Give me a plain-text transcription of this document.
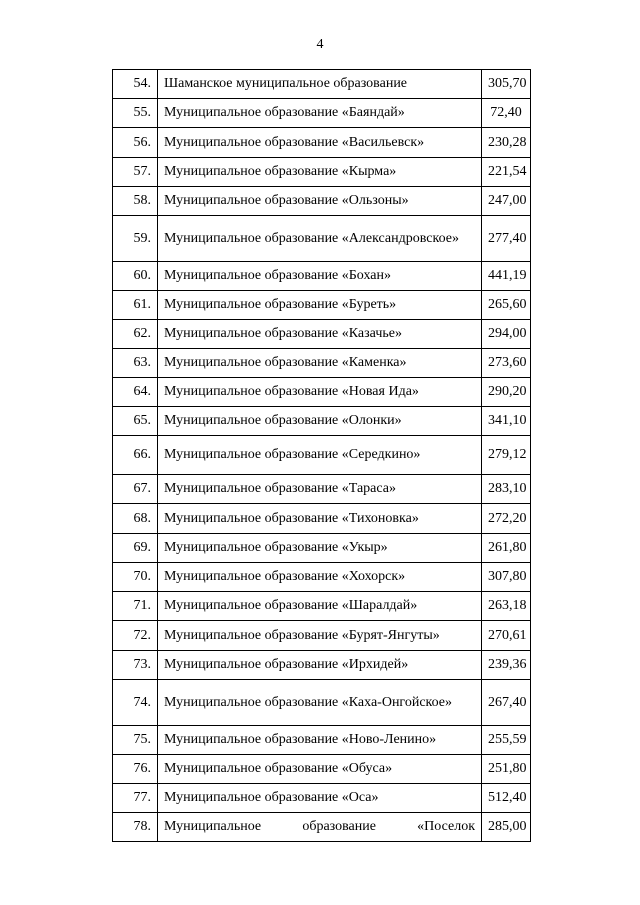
4
54.	Шаманское муниципальное образование	305,70
55.	Муниципальное образование «Баяндай»	72,40
56.	Муниципальное образование «Васильевск»	230,28
57.	Муниципальное образование «Кырма»	221,54
58.	Муниципальное образование «Ользоны»	247,00
59.	Муниципальное образование «Александровское»	277,40
60.	Муниципальное образование «Бохан»	441,19
61.	Муниципальное образование «Буреть»	265,60
62.	Муниципальное образование «Казачье»	294,00
63.	Муниципальное образование «Каменка»	273,60
64.	Муниципальное образование «Новая Ида»	290,20
65.	Муниципальное образование «Олонки»	341,10
66.	Муниципальное образование «Середкино»	279,12
67.	Муниципальное образование «Тараса»	283,10
68.	Муниципальное образование «Тихоновка»	272,20
69.	Муниципальное образование «Укыр»	261,80
70.	Муниципальное образование «Хохорск»	307,80
71.	Муниципальное образование «Шаралдай»	263,18
72.	Муниципальное образование «Бурят-Янгуты»	270,61
73.	Муниципальное образование «Ирхидей»	239,36
74.	Муниципальное образование «Каха-Онгойское»	267,40
75.	Муниципальное образование «Ново-Ленино»	255,59
76.	Муниципальное образование «Обуса»	251,80
77.	Муниципальное образование «Оса»	512,40
78.	Муниципальное образование «Поселок	285,00
